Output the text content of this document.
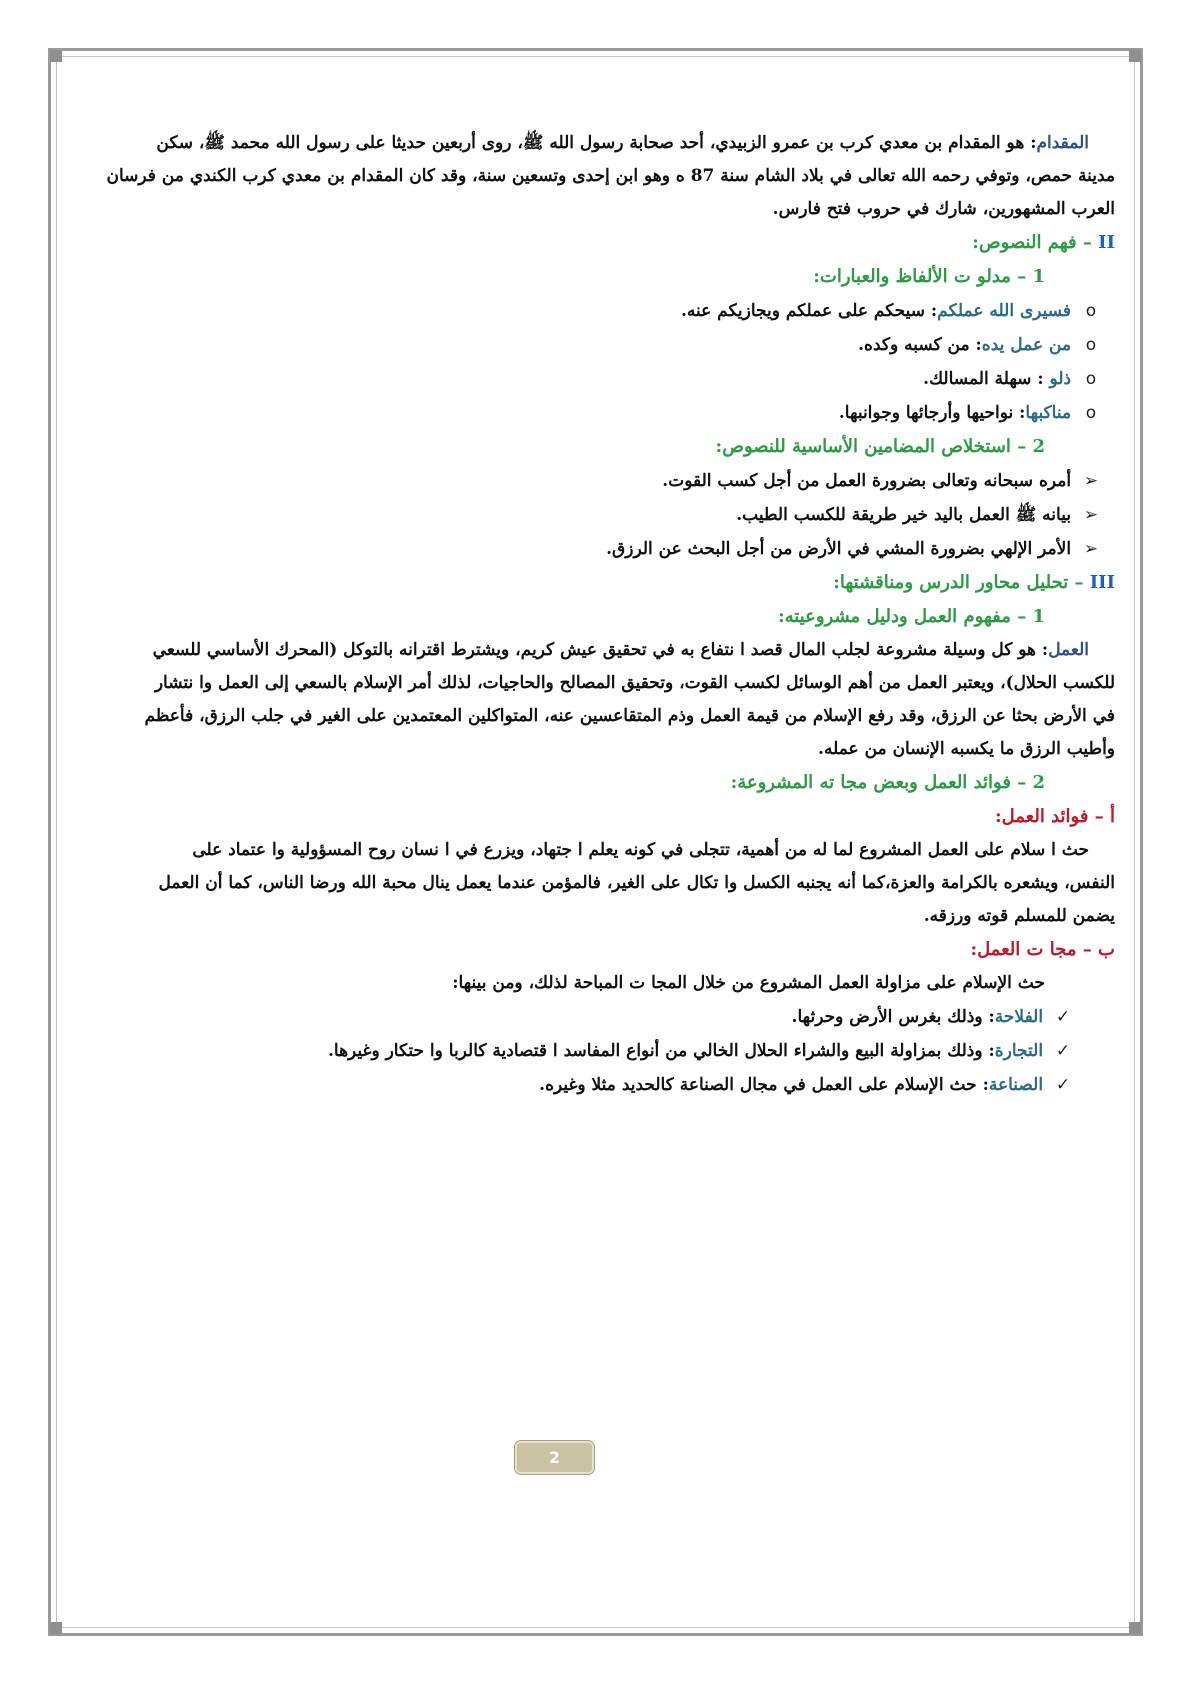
المقدام: هو المقدام بن معدي كرب بن عمرو الزبيدي، أحد صحابة رسول الله ﷺ، روى أربعين حديثا على رسول الله محمد ﷺ، سكن
مدينة حمص، وتوفي رحمه الله تعالى في بلاد الشام سنة 87 ه وهو ابن إحدى وتسعين سنة، وقد كان المقدام بن معدي كرب الكندي من فرسان
العرب المشهورين، شارك في حروب فتح فارس.
II – فهم النصوص:
1 – مدلو ت الألفاظ والعبارات:
o فسيرى الله عملكم: سيحكم على عملكم ويجازيكم عنه.
o من عمل يده: من كسبه وكده.
o ذلو : سهلة المسالك.
o مناكبها: نواحيها وأرجائها وجوانبها.
2 – استخلاص المضامين الأساسية للنصوص:
➢ أمره سبحانه وتعالى بضرورة العمل من أجل كسب القوت.
➢ بيانه ﷺ العمل باليد خير طريقة للكسب الطيب.
➢ الأمر الإلهي بضرورة المشي في الأرض من أجل البحث عن الرزق.
III – تحليل محاور الدرس ومناقشتها:
1 – مفهوم العمل ودليل مشروعيته:
العمل: هو كل وسيلة مشروعة لجلب المال قصد ا نتفاع به في تحقيق عيش كريم، ويشترط اقترانه بالتوكل (المحرك الأساسي للسعي
للكسب الحلال)، ويعتبر العمل من أهم الوسائل لكسب القوت، وتحقيق المصالح والحاجيات، لذلك أمر الإسلام بالسعي إلى العمل وا نتشار
في الأرض بحثا عن الرزق، وقد رفع الإسلام من قيمة العمل وذم المتقاعسين عنه، المتواكلين المعتمدين على الغير في جلب الرزق، فأعظم
وأطيب الرزق ما يكسبه الإنسان من عمله.
2 – فوائد العمل وبعض مجا ته المشروعة:
أ – فوائد العمل:
حث ا سلام على العمل المشروع لما له من أهمية، تتجلى في كونه يعلم ا جتهاد، ويزرع في ا نسان روح المسؤولية وا عتماد على
النفس، ويشعره بالكرامة والعزة،كما أنه يجنبه الكسل وا تكال على الغير، فالمؤمن عندما يعمل ينال محبة الله ورضا الناس، كما أن العمل
يضمن للمسلم قوته ورزقه.
ب – مجا ت العمل:
حث الإسلام على مزاولة العمل المشروع من خلال المجا ت المباحة لذلك، ومن بينها:
✓ الفلاحة: وذلك بغرس الأرض وحرثها.
✓ التجارة: وذلك بمزاولة البيع والشراء الحلال الخالي من أنواع المفاسد ا قتصادية كالربا وا حتكار وغيرها.
✓ الصناعة: حث الإسلام على العمل في مجال الصناعة كالحديد مثلا وغيره.
2
